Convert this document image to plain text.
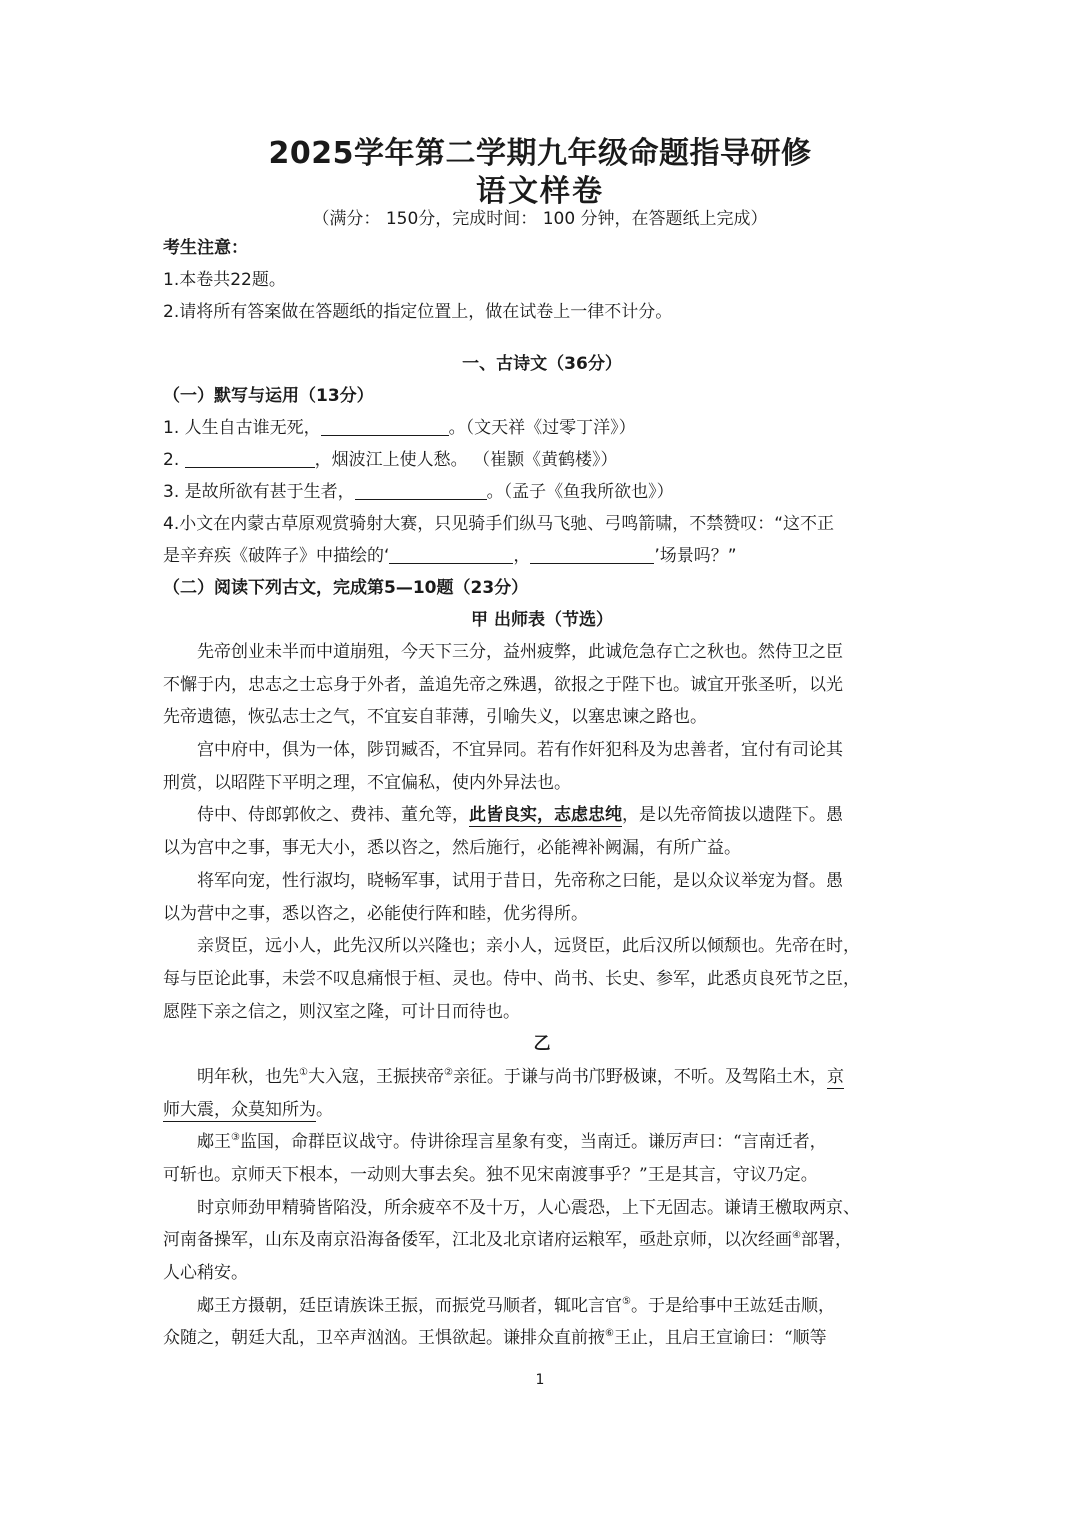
2025学年第二学期九年级命题指导研修
语文样卷
（满分： 150分，完成时间： 100 分钟，在答题纸上完成）
考生注意：
1.本卷共22题。
2.请将所有答案做在答题纸的指定位置上，做在试卷上一律不计分。
一、古诗文（36分）
（一）默写与运用（13分）
1. 人生自古谁无死，	。（文天祥《过零丁洋》）
2.	，烟波江上使人愁。 （崔颢《黄鹤楼》）
3. 是故所欲有甚于生者，	。（孟子《鱼我所欲也》）
4.小文在内蒙古草原观赏骑射大赛，只见骑手们纵马飞驰、弓鸣箭啸，不禁赞叹：“这不正
是辛弃疾《破阵子》中描绘的‘	，	’场景吗？”
（二）阅读下列古文，完成第5—10题（23分）
甲 出师表（节选）
先帝创业未半而中道崩殂，今天下三分，益州疲弊，此诚危急存亡之秋也。然侍卫之臣
不懈于内，忠志之士忘身于外者，盖追先帝之殊遇，欲报之于陛下也。诚宜开张圣听，以光
先帝遗德，恢弘志士之气，不宜妄自菲薄，引喻失义，以塞忠谏之路也。
宫中府中，俱为一体，陟罚臧否，不宜异同。若有作奸犯科及为忠善者，宜付有司论其
刑赏，以昭陛下平明之理，不宜偏私，使内外异法也。
侍中、侍郎郭攸之、费祎、董允等，此皆良实，志虑忠纯，是以先帝简拔以遗陛下。愚
以为宫中之事，事无大小，悉以咨之，然后施行，必能裨补阙漏，有所广益。
将军向宠，性行淑均，晓畅军事，试用于昔日，先帝称之曰能，是以众议举宠为督。愚
以为营中之事，悉以咨之，必能使行阵和睦，优劣得所。
亲贤臣，远小人，此先汉所以兴隆也；亲小人，远贤臣，此后汉所以倾颓也。先帝在时，
每与臣论此事，未尝不叹息痛恨于桓、灵也。侍中、尚书、长史、参军，此悉贞良死节之臣，
愿陛下亲之信之，则汉室之隆，可计日而待也。
乙
明年秋，也先①大入寇，王振挟帝②亲征。于谦与尚书邝野极谏，不听。及驾陷土木，京
师大震，众莫知所为。
郕王③监国，命群臣议战守。侍讲徐珵言星象有变，当南迁。谦厉声曰：“言南迁者，
可斩也。京师天下根本，一动则大事去矣。独不见宋南渡事乎？”王是其言，守议乃定。
时京师劲甲精骑皆陷没，所余疲卒不及十万，人心震恐，上下无固志。谦请王檄取两京、
河南备操军，山东及南京沿海备倭军，江北及北京诸府运粮军，亟赴京师，以次经画④部署，
人心稍安。
郕王方摄朝，廷臣请族诛王振，而振党马顺者，辄叱言官⑤。于是给事中王竑廷击顺，
众随之，朝廷大乱，卫卒声汹汹。王惧欲起。谦排众直前掖⑥王止，且启王宣谕曰：“顺等
1
